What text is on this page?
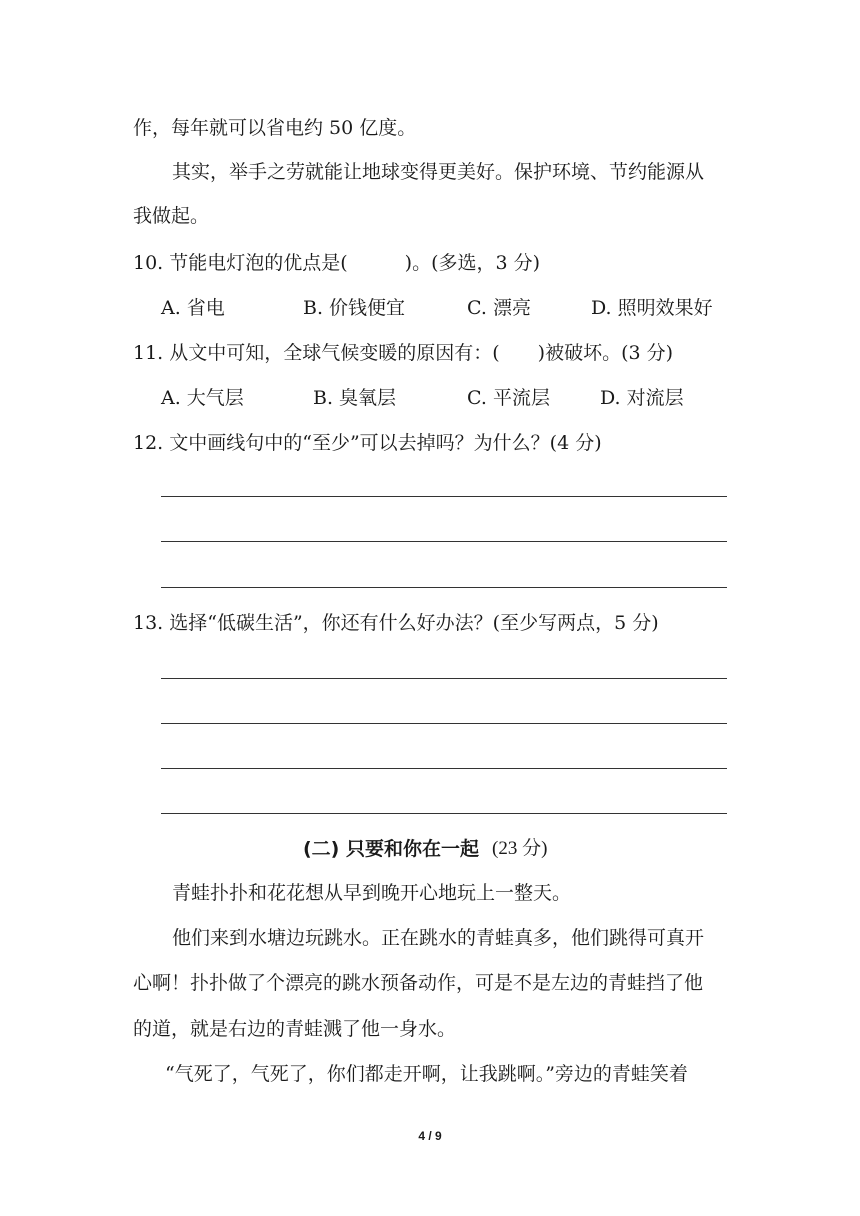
作，每年就可以省电约 50 亿度。
其实，举手之劳就能让地球变得更美好。保护环境、节约能源从
我做起。
10. 节能电灯泡的优点是(　　　)。(多选，3 分)
A. 省电	B. 价钱便宜	C. 漂亮	D. 照明效果好
11. 从文中可知，全球气候变暖的原因有：(　　)被破坏。(3 分)
A. 大气层	B. 臭氧层	C. 平流层	D. 对流层
12. 文中画线句中的“至少”可以去掉吗？为什么？(4 分)
13. 选择“低碳生活”，你还有什么好办法？(至少写两点，5 分)
(二) 只要和你在一起 (23 分)
青蛙扑扑和花花想从早到晚开心地玩上一整天。
他们来到水塘边玩跳水。正在跳水的青蛙真多，他们跳得可真开
心啊！扑扑做了个漂亮的跳水预备动作，可是不是左边的青蛙挡了他
的道，就是右边的青蛙溅了他一身水。
“气死了，气死了，你们都走开啊，让我跳啊。”旁边的青蛙笑着
4 / 9
